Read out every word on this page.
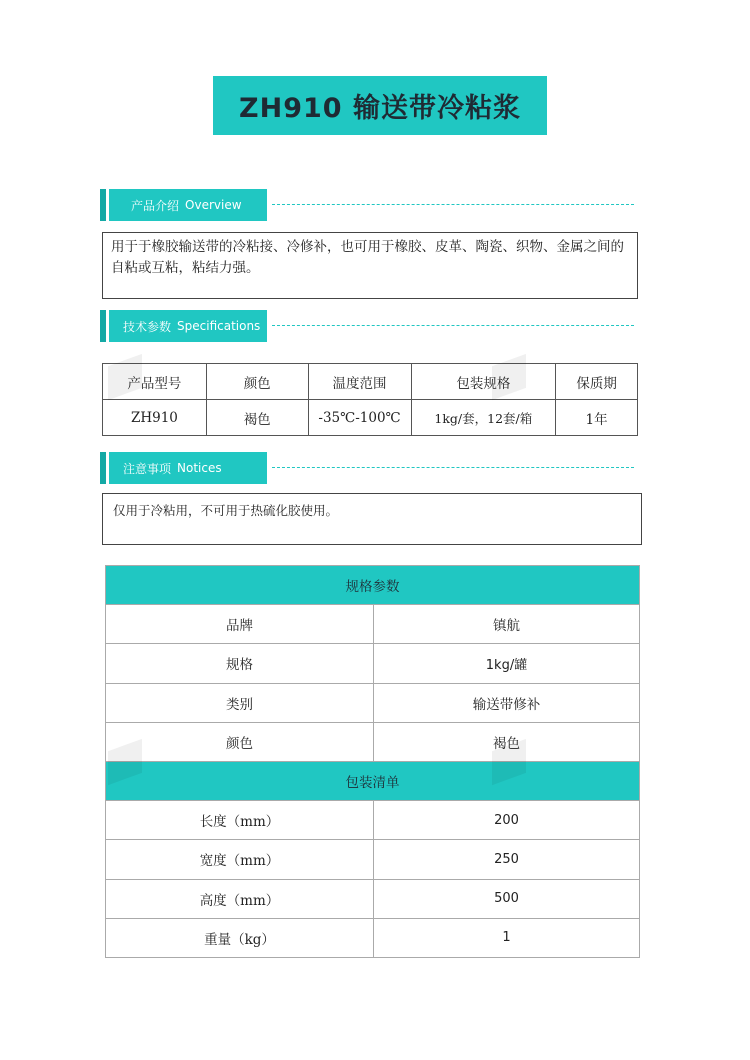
ZH910 输送带冷粘浆
产品介绍 Overview
用于于橡胶输送带的冷粘接、冷修补，也可用于橡胶、皮革、陶瓷、织物、金属之间的自粘或互粘，粘结力强。
技术参数 Specifications
产品型号	颜色	温度范围	包装规格	保质期
ZH910	褐色	-35℃-100℃	1kg/套，12套/箱	1年
注意事项 Notices
仅用于冷粘用，不可用于热硫化胶使用。
规格参数	
品牌	镇航
规格	1kg/罐
类别	输送带修补
颜色	褐色
包装清单	
长度（mm）	200
宽度（mm）	250
高度（mm）	500
重量（kg）	1
